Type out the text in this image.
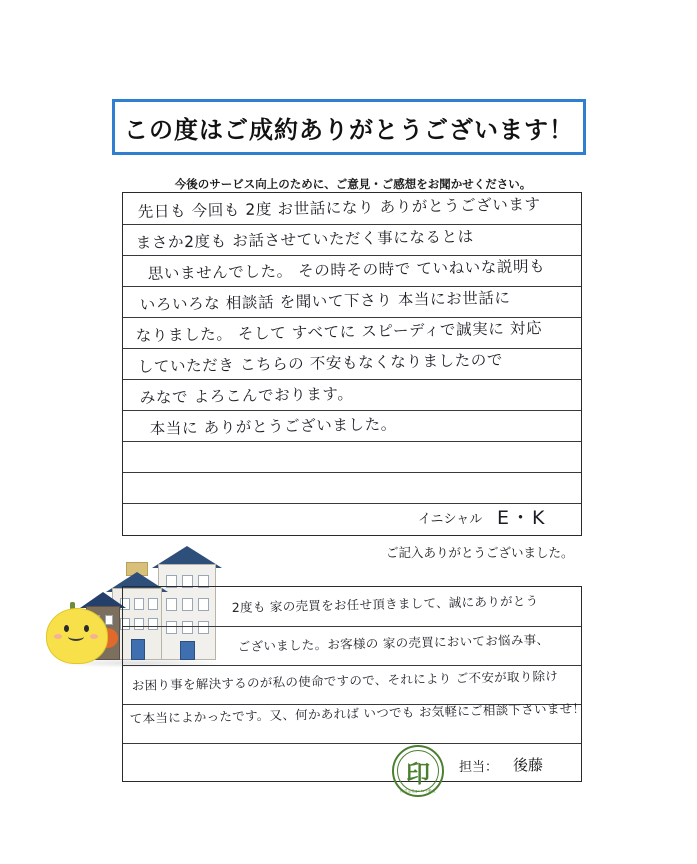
この度はご成約ありがとうございます！
今後のサービス向上のために、ご意見・ご感想をお聞かせください。
先日も 今回も 2度 お世話になり ありがとうございます
まさか2度も お話させていただく事になるとは
思いませんでした。 その時その時で ていねいな説明も
いろいろな 相談話 を聞いて下さり 本当にお世話に
なりました。 そして すべてに スピーディで誠実に 対応
していただき こちらの 不安もなくなりましたので
みなで よろこんでおります。
本当に ありがとうございました。
イニシャル E・K
ご記入ありがとうございました。
2度も 家の売買をお任せ頂きまして、誠にありがとう
ございました。お客様の 家の売買においてお悩み事、
お困り事を解決するのが私の使命ですので、それにより ご不安が取り除け
て本当によかったです。又、何かあれば いつでも お気軽にご相談下さいませ！
印
株式会社go-to不動産
担当： 後藤
